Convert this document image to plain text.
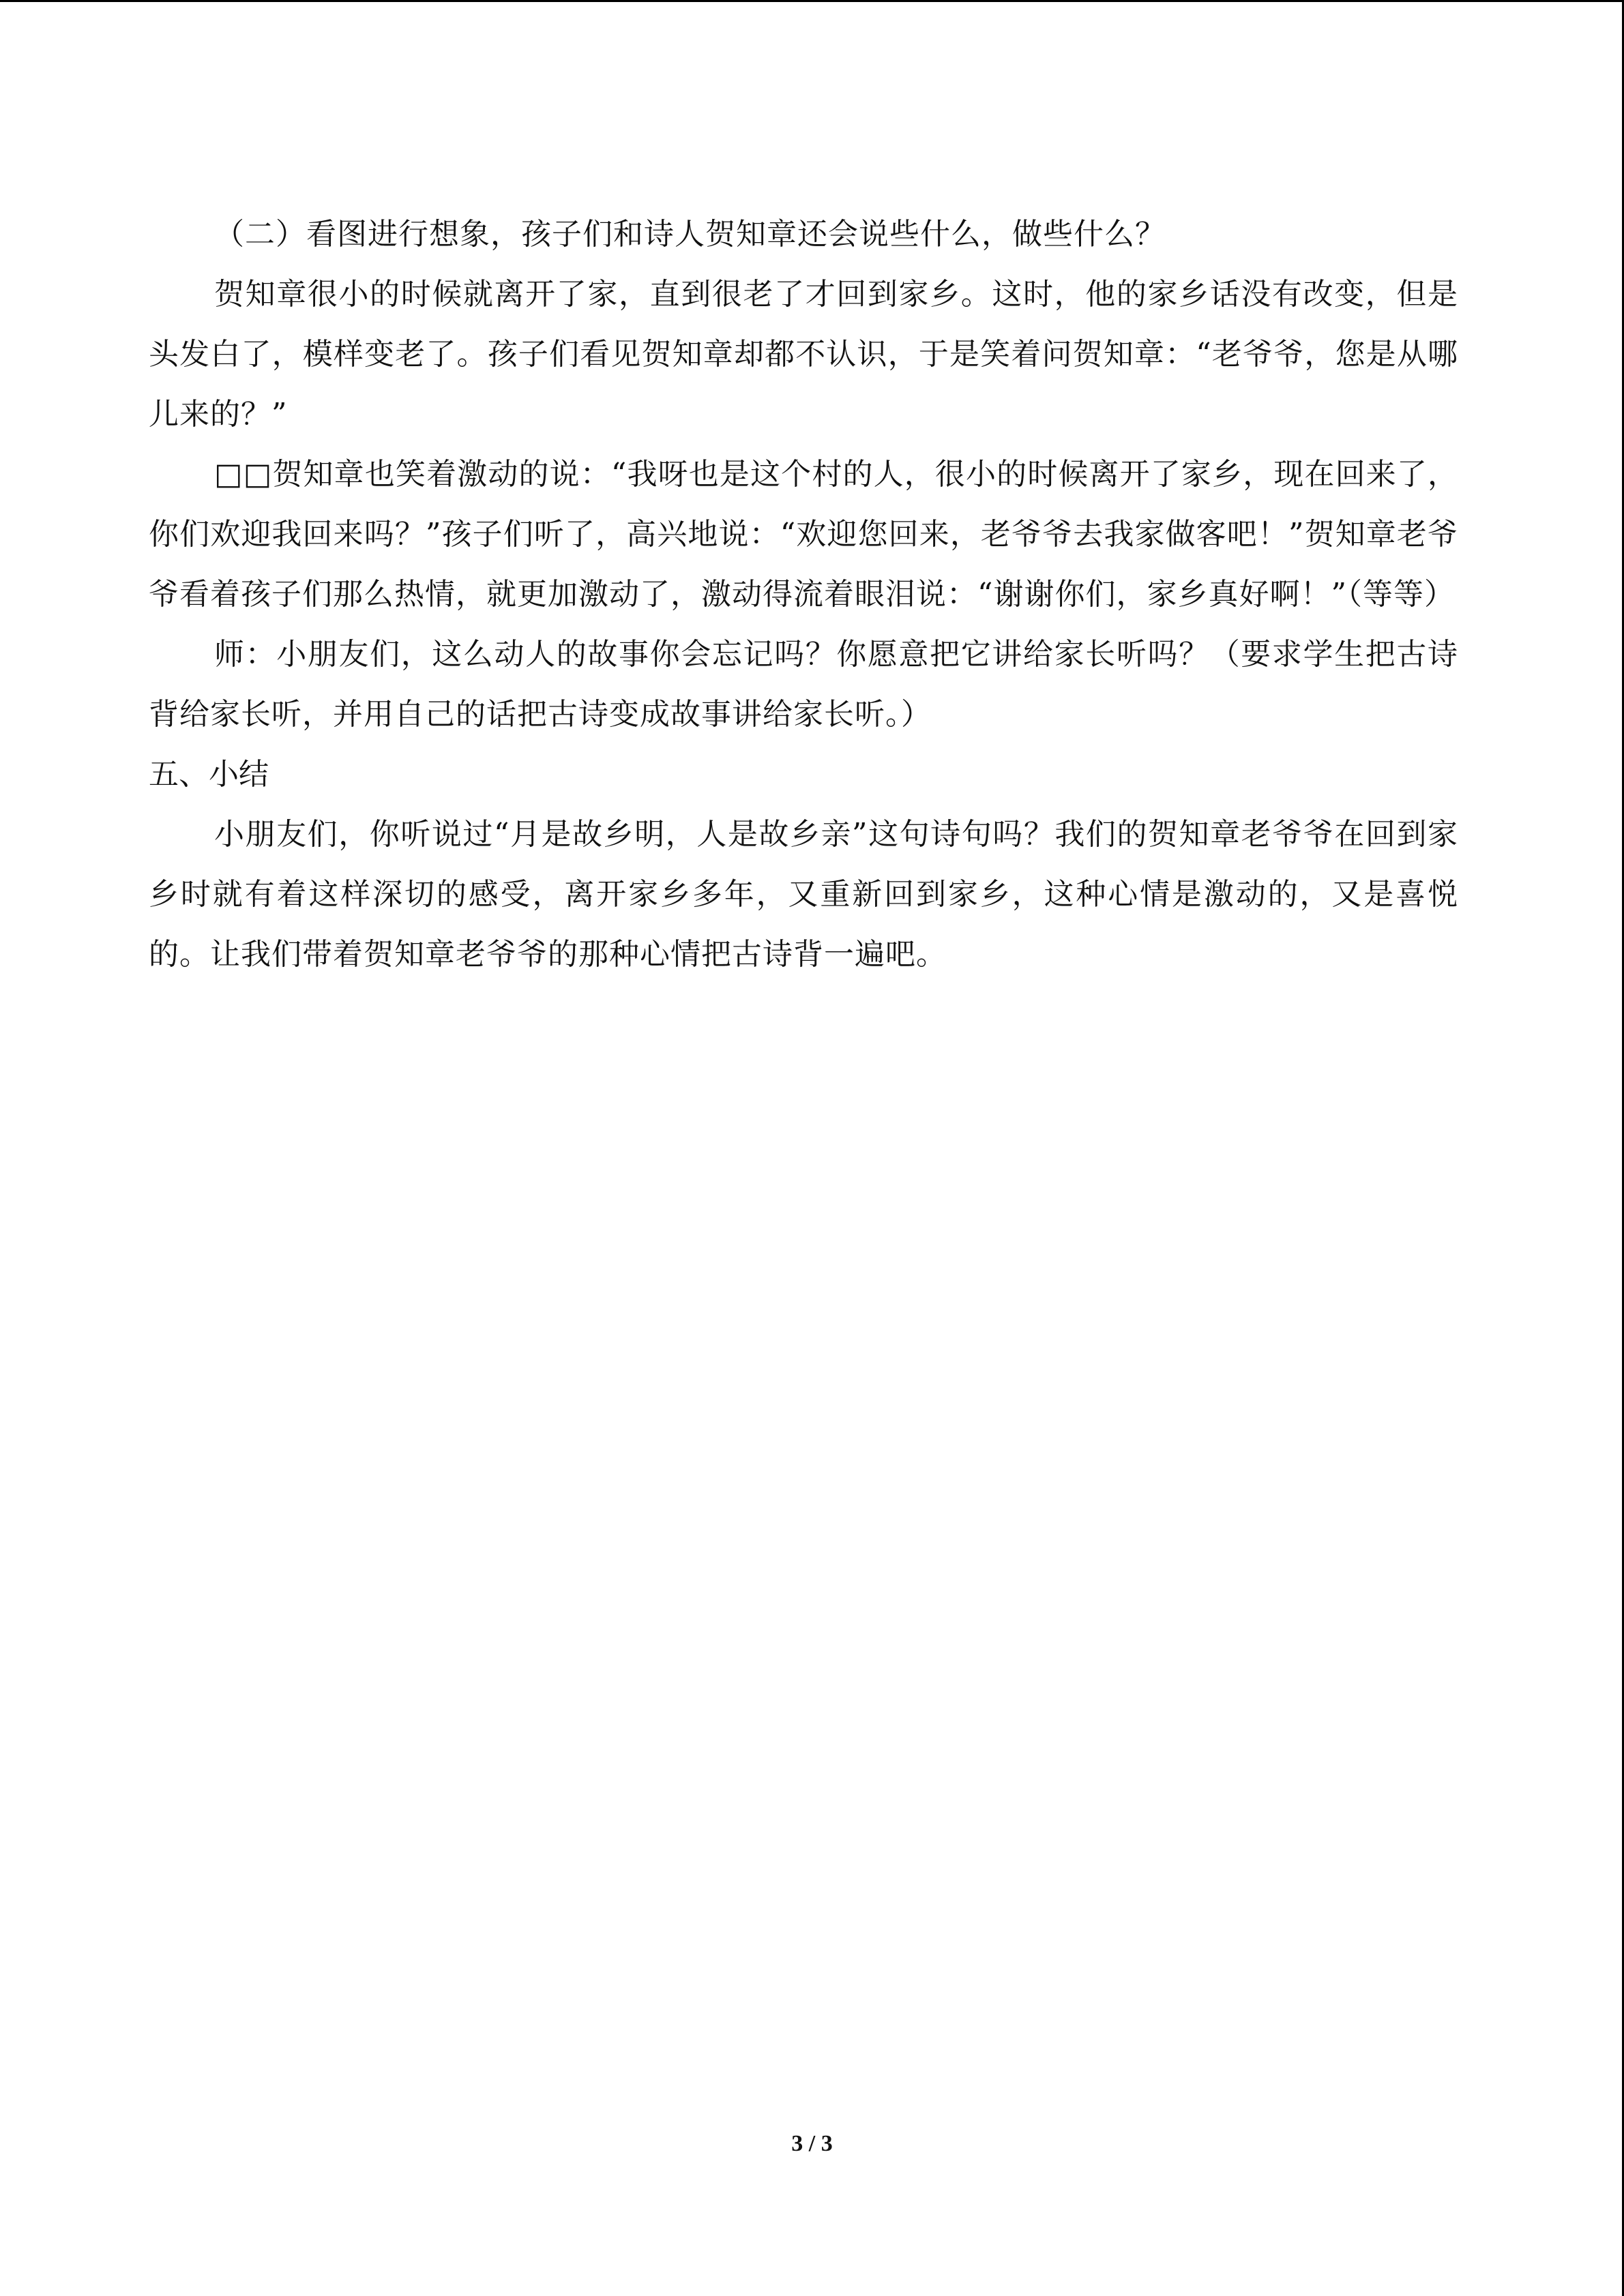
（二）看图进行想象，孩子们和诗人贺知章还会说些什么，做些什么？

贺知章很小的时候就离开了家，直到很老了才回到家乡。这时，他的家乡话没有改变，但是头发白了，模样变老了。孩子们看见贺知章却都不认识，于是笑着问贺知章：“老爷爷，您是从哪儿来的？”

□□贺知章也笑着激动的说：“我呀也是这个村的人，很小的时候离开了家乡，现在回来了，你们欢迎我回来吗？”孩子们听了，高兴地说：“欢迎您回来，老爷爷去我家做客吧！”贺知章老爷爷看着孩子们那么热情，就更加激动了，激动得流着眼泪说：“谢谢你们，家乡真好啊！”（等等）

师：小朋友们，这么动人的故事你会忘记吗？你愿意把它讲给家长听吗？（要求学生把古诗背给家长听，并用自己的话把古诗变成故事讲给家长听。）

五、小结

小朋友们，你听说过“月是故乡明，人是故乡亲”这句诗句吗？我们的贺知章老爷爷在回到家乡时就有着这样深切的感受，离开家乡多年，又重新回到家乡，这种心情是激动的，又是喜悦的。让我们带着贺知章老爷爷的那种心情把古诗背一遍吧。

3 / 3
